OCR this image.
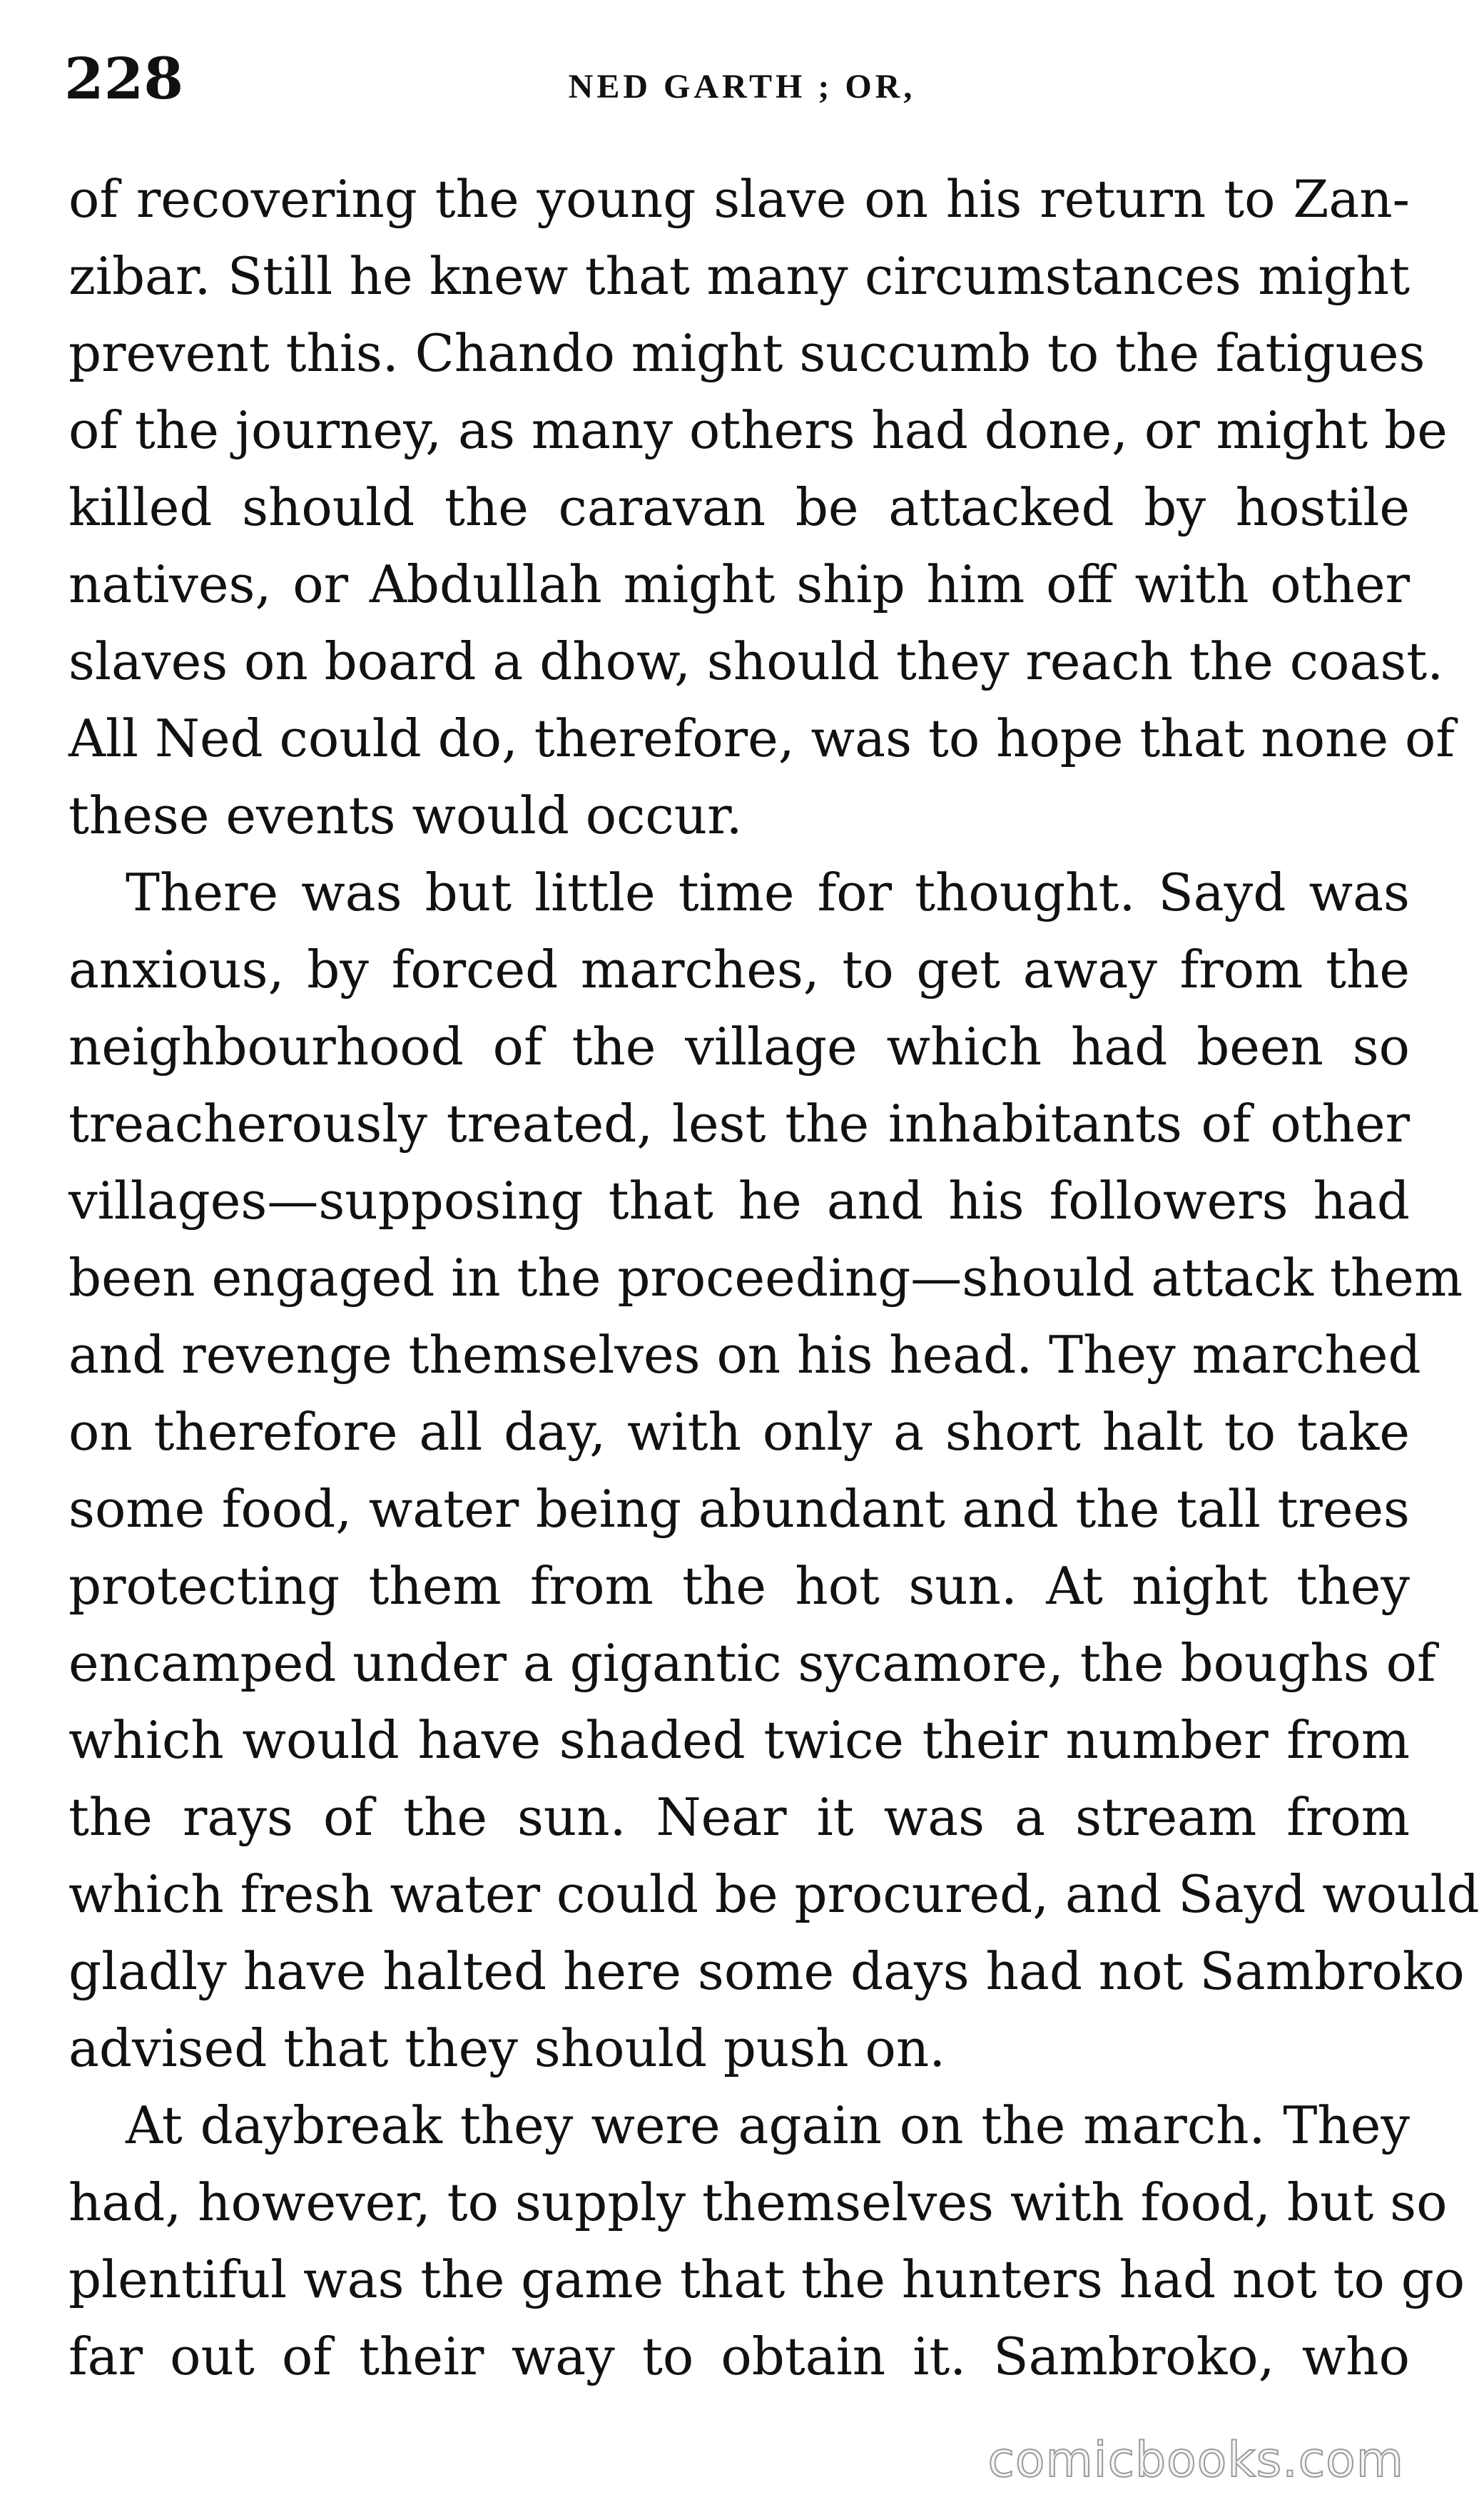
228	NED GARTH ; OR,
of recovering the young slave on his return to Zan-
zibar. Still he knew that many circumstances might
prevent this. Chando might succumb to the fatigues
of the journey, as many others had done, or might be
killed should the caravan be attacked by hostile
natives, or Abdullah might ship him off with other
slaves on board a dhow, should they reach the coast.
All Ned could do, therefore, was to hope that none of
these events would occur.
There was but little time for thought. Sayd was
anxious, by forced marches, to get away from the
neighbourhood of the village which had been so
treacherously treated, lest the inhabitants of other
villages—supposing that he and his followers had
been engaged in the proceeding—should attack them
and revenge themselves on his head. They marched
on therefore all day, with only a short halt to take
some food, water being abundant and the tall trees
protecting them from the hot sun. At night they
encamped under a gigantic sycamore, the boughs of
which would have shaded twice their number from
the rays of the sun. Near it was a stream from
which fresh water could be procured, and Sayd would
gladly have halted here some days had not Sambroko
advised that they should push on.
At daybreak they were again on the march. They
had, however, to supply themselves with food, but so
plentiful was the game that the hunters had not to go
far out of their way to obtain it. Sambroko, who
comicbooks.com
